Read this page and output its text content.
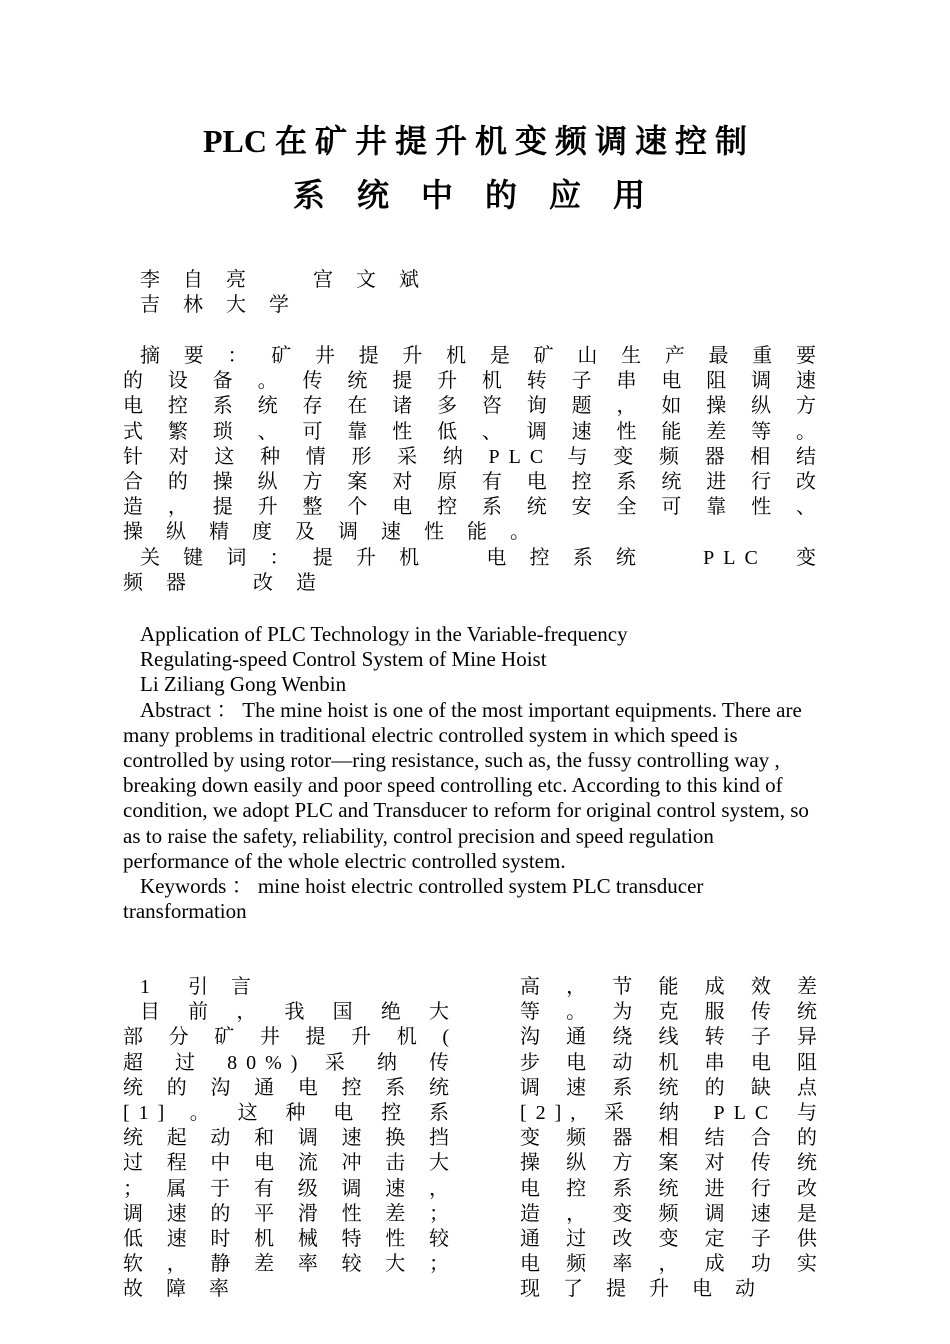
PLC 在 矿 井 提 升 机 变 频 调 速 控 制
系 统 中 的 应 用

李 自 亮　　宫 文 斌

吉 林 大 学

摘 要 ： 矿 井 提 升 机 是 矿 山 生 产 最 重 要 的 设 备 。 传 统 提 升 机 转 子 串 电 阻 调 速 电 控 系 统 存 在 诸 多 咨 询 题 ， 如 操 纵 方 式 繁 琐 、 可 靠 性 低 、 调 速 性 能 差 等 。 针 对 这 种 情 形 采 纳 PLC 与 变 频 器 相 结 合 的 操 纵 方 案 对 原 有 电 控 系 统 进 行 改 造 ， 提 升 整 个 电 控 系 统 安 全 可 靠 性 、 操 纵 精 度 及 调 速 性 能 。

关 键 词 ： 提 升 机　　电 控 系 统　　PLC　变 频 器　　改 造

Application of PLC Technology in the Variable-frequency

Regulating-speed Control System of Mine Hoist

Li Ziliang Gong Wenbin

Abstract ： The mine hoist is one of the most important equipments. There are many problems in traditional electric controlled system in which speed is controlled by using rotor—ring resistance, such as, the fussy controlling way , breaking down easily and poor speed controlling etc. According to this kind of condition, we adopt PLC and Transducer to reform for original control system, so as to raise the safety, reliability, control precision and speed regulation performance of the whole electric controlled system.

Keywords ： mine hoist electric controlled system PLC transducer transformation

1　引 言

目 前 ， 我 国 绝 大 部 分 矿 井 提 升 机 ( 超 过 80%) 采 纳 传 统 的 沟 通 电 控 系 统 [1] 。 这 种 电 控 系 统 起 动 和 调 速 换 挡 过 程 中 电 流 冲 击 大 ； 属 于 有 级 调 速 ， 调 速 的 平 滑 性 差 ； 低 速 时 机 械 特 性 较 软 ， 静 差 率 较 大 ； 故 障 率

高 ， 节 能 成 效 差 等 。 为 克 服 传 统 沟 通 绕 线 转 子 异 步 电 动 机 串 电 阻 调 速 系 统 的 缺 点 [2], 采 纳 PLC 与 变 频 器 相 结 合 的 操 纵 方 案 对 传 统 电 控 系 统 进 行 改 造 ， 变 频 调 速 是 通 过 改 变 定 子 供 电 频 率 ， 成 功 实 现 了 提 升 电 动
